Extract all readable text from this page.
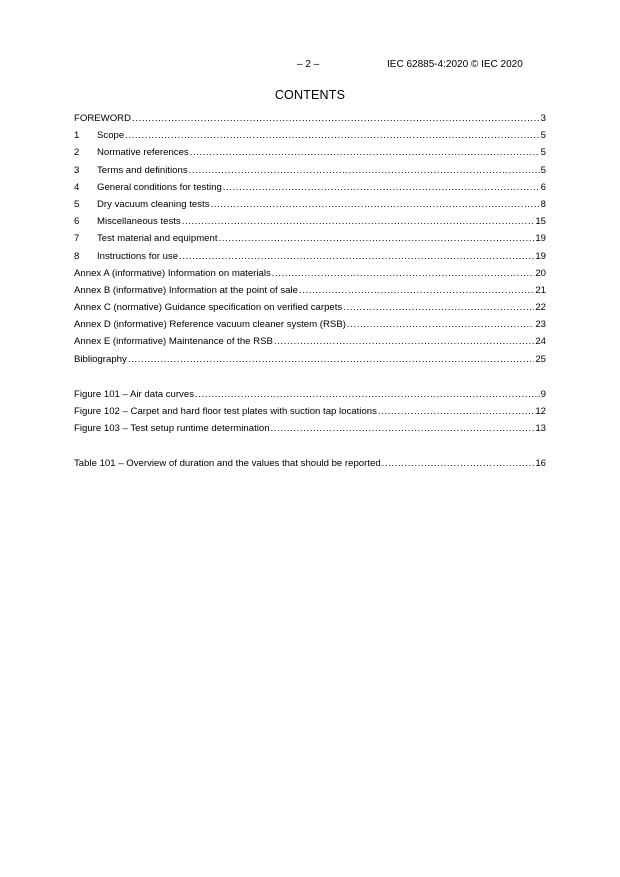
– 2 –	IEC 62885-4:2020 © IEC 2020
CONTENTS
FOREWORD .....	3
1	Scope .....	5
2	Normative references .....	5
3	Terms and definitions .....	5
4	General conditions for testing .....	6
5	Dry vacuum cleaning tests .....	8
6	Miscellaneous tests .....	15
7	Test material and equipment .....	19
8	Instructions for use .....	19
Annex A (informative) Information on materials .....	20
Annex B (informative) Information at the point of sale .....	21
Annex C (normative) Guidance specification on verified carpets .....	22
Annex D (informative) Reference vacuum cleaner system (RSB) .....	23
Annex E (informative) Maintenance of the RSB .....	24
Bibliography .....	25
Figure 101 – Air data curves .....	9
Figure 102 – Carpet and hard floor test plates with suction tap locations .....	12
Figure 103 – Test setup runtime determination .....	13
Table 101 – Overview of duration and the values that should be reported .....	16
